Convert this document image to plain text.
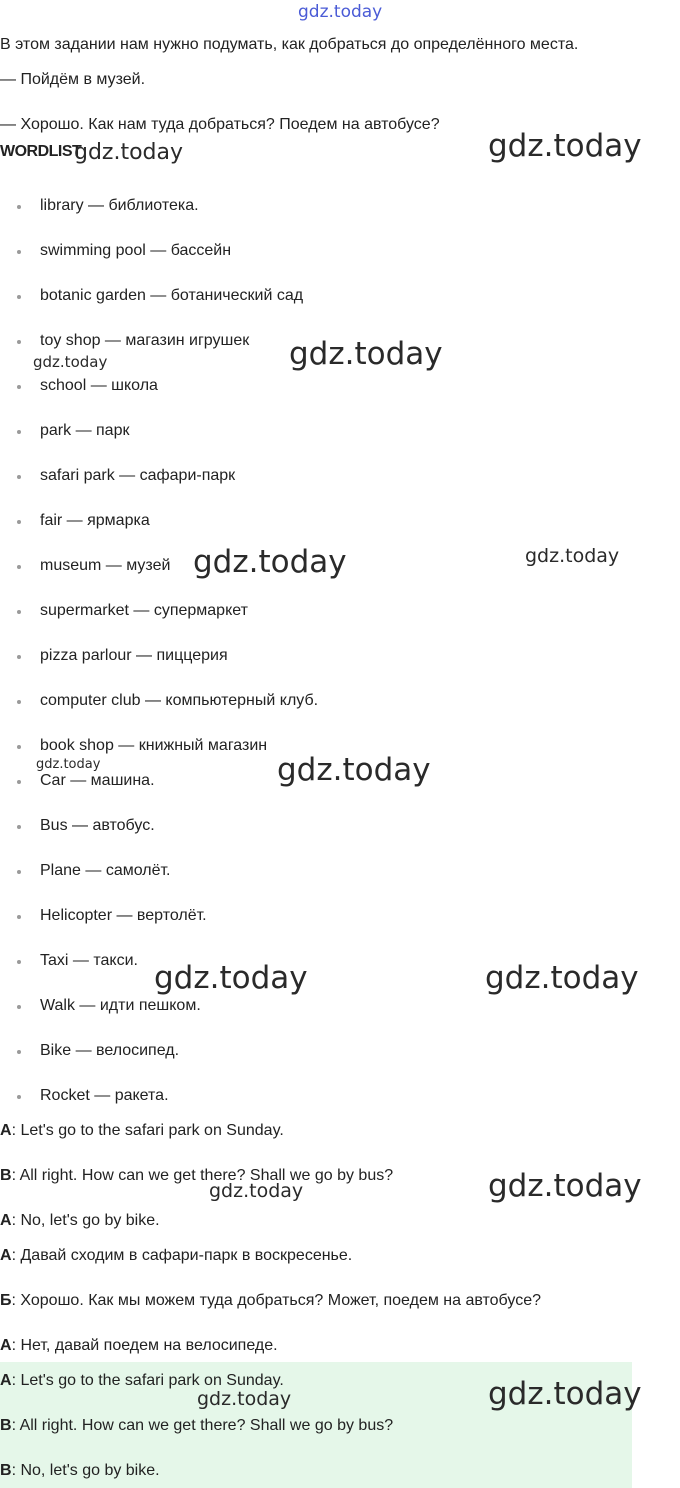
gdz.today
В этом задании нам нужно подумать, как добраться до определённого места.
— Пойдём в музей.
— Хорошо. Как нам туда добраться? Поедем на автобусе?
WORDLIST
library — библиотека.
swimming pool — бассейн
botanic garden — ботанический сад
toy shop — магазин игрушек
school — школа
park — парк
safari park — сафари-парк
fair — ярмарка
museum — музей
supermarket — супермаркет
pizza parlour — пиццерия
computer club — компьютерный клуб.
book shop — книжный магазин
Car — машина.
Bus — автобус.
Plane — самолёт.
Helicopter — вертолёт.
Taxi — такси.
Walk — идти пешком.
Bike — велосипед.
Rocket — ракета.
A: Let's go to the safari park on Sunday.
B: All right. How can we get there? Shall we go by bus?
A: No, let's go by bike.
А: Давай сходим в сафари-парк в воскресенье.
Б: Хорошо. Как мы можем туда добраться? Может, поедем на автобусе?
А: Нет, давай поедем на велосипеде.
A: Let's go to the safari park on Sunday.
B: All right. How can we get there? Shall we go by bus?
B: No, let's go by bike.
gdz.today	gdz.today
gdz.today
gdz.today
gdz.today	gdz.today
gdz.today	gdz.today
gdz.today	gdz.today
gdz.today	gdz.today
gdz.today	gdz.today
